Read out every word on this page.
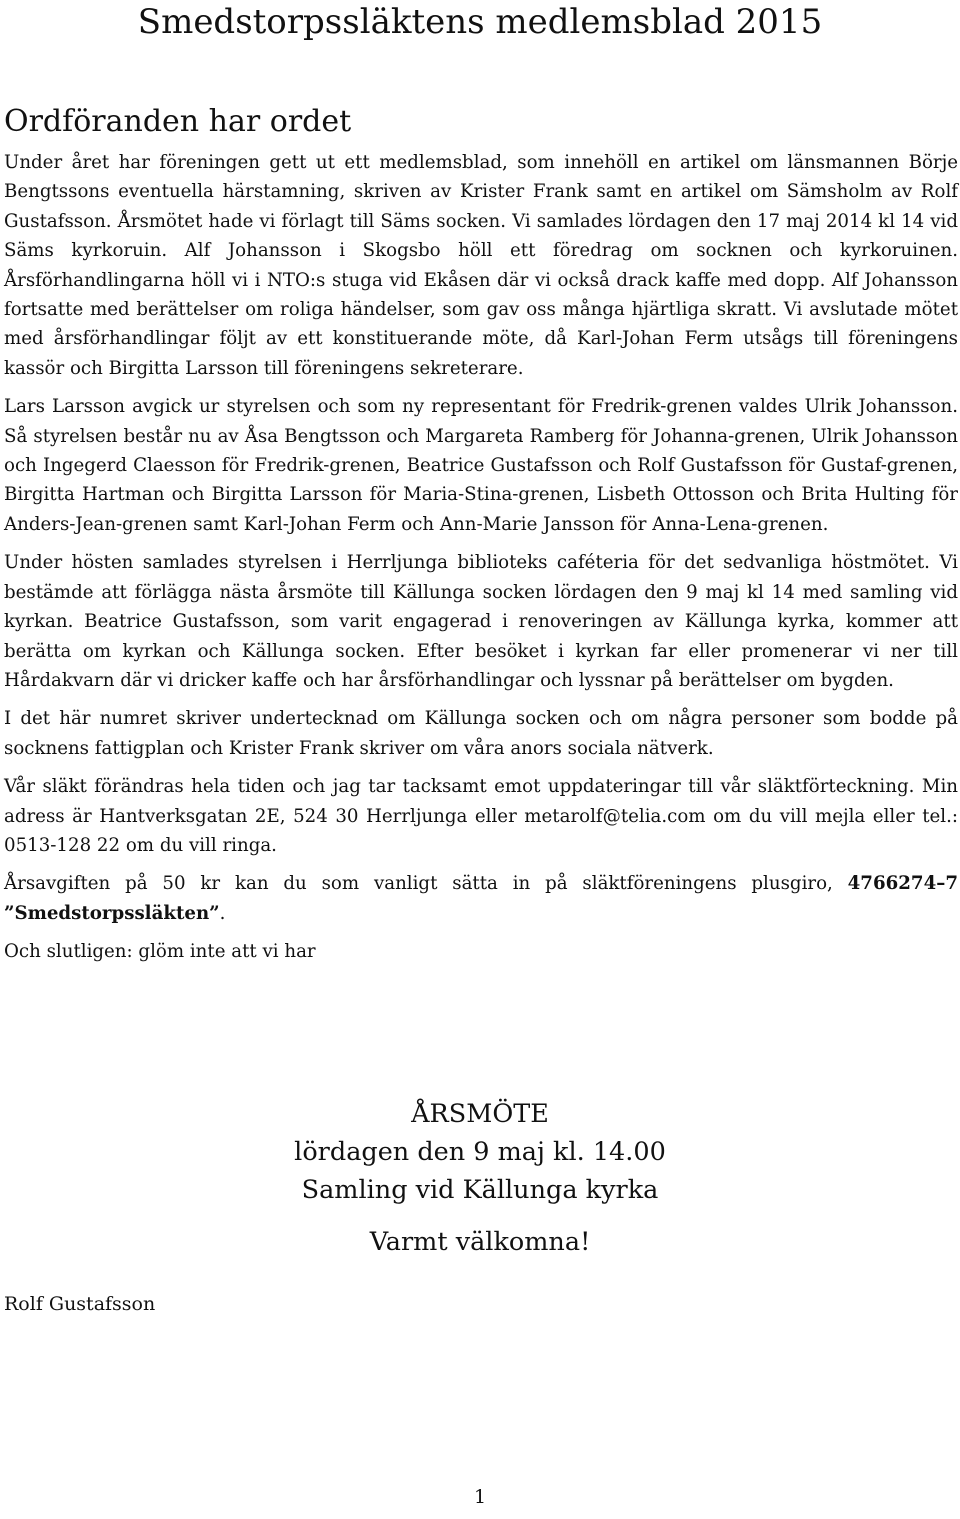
Smedstorpssläktens medlemsblad 2015
Ordföranden har ordet

Under året har föreningen gett ut ett medlemsblad, som innehöll en artikel om länsmannen Börje Bengtssons eventuella härstamning, skriven av Krister Frank samt en artikel om Sämsholm av Rolf Gustafsson. Årsmötet hade vi förlagt till Säms socken. Vi samlades lördagen den 17 maj 2014 kl 14 vid Säms kyrkoruin. Alf Johansson i Skogsbo höll ett föredrag om socknen och kyrkoruinen. Årsförhandlingarna höll vi i NTO:s stuga vid Ekåsen där vi också drack kaffe med dopp. Alf Johansson fortsatte med berättelser om roliga händelser, som gav oss många hjärtliga skratt. Vi avslutade mötet med årsförhandlingar följt av ett konstituerande möte, då Karl-Johan Ferm utsågs till föreningens kassör och Birgitta Larsson till föreningens sekreterare.

Lars Larsson avgick ur styrelsen och som ny representant för Fredrik-grenen valdes Ulrik Johansson. Så styrelsen består nu av Åsa Bengtsson och Margareta Ramberg för Johanna-grenen, Ulrik Johansson och Ingegerd Claesson för Fredrik-grenen, Beatrice Gustafsson och Rolf Gustafsson för Gustaf-grenen, Birgitta Hartman och Birgitta Larsson för Maria-Stina-grenen, Lisbeth Ottosson och Brita Hulting för Anders-Jean-grenen samt Karl-Johan Ferm och Ann-Marie Jansson för Anna-Lena-grenen.

Under hösten samlades styrelsen i Herrljunga biblioteks caféteria för det sedvanliga höstmötet. Vi bestämde att förlägga nästa årsmöte till Källunga socken lördagen den 9 maj kl 14 med samling vid kyrkan. Beatrice Gustafsson, som varit engagerad i renoveringen av Källunga kyrka, kommer att berätta om kyrkan och Källunga socken. Efter besöket i kyrkan far eller promenerar vi ner till Hårdakvarn där vi dricker kaffe och har årsförhandlingar och lyssnar på berättelser om bygden.

I det här numret skriver undertecknad om Källunga socken och om några personer som bodde på socknens fattigplan och Krister Frank skriver om våra anors sociala nätverk.

Vår släkt förändras hela tiden och jag tar tacksamt emot uppdateringar till vår släktförteckning. Min adress är Hantverksgatan 2E, 524 30 Herrljunga eller metarolf@telia.com om du vill mejla eller tel.: 0513-128 22 om du vill ringa.

Årsavgiften på 50 kr kan du som vanligt sätta in på släktföreningens plusgiro, 4766274–7 ”Smedstorpssläkten”.

Och slutligen: glöm inte att vi har

ÅRSMÖTE
lördagen den 9 maj kl. 14.00
Samling vid Källunga kyrka
Varmt välkomna!
Rolf Gustafsson
1
